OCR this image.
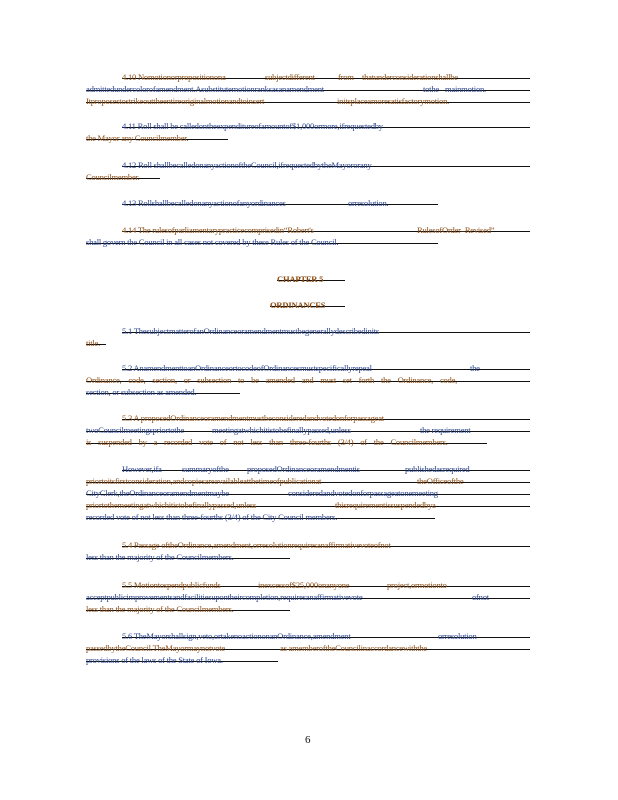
4.10 Nomotionorpropositionona	subjectdifferent	from thatunderconsiderationshallbe
admittedundercolorofamendment.Asubstitutemotionranksasanamendment	tothe mainmotion.
Itproposestostrikeouttheentireoriginalmotionandtoinsert	initsplaceamoresatisfactorymotion.
4.11 Roll shall be calledontheexpenditureofamountof$1,000ormore,ifrequestedby
the Mayor any Councilmember.
4.12 Roll shallbecalledonanyactionoftheCouncil,ifrequestedbytheMayororany
Councilmember.
4.13 Rollshallbecalledonanyactionofanyordinances	orresolution.
4.14 The rulesofparliamentarypracticecomprisedin“Robert's	RulesofOrder–Revised”
shall govern the Council in all cases not covered by these Rules of the Council.
CHAPTER 5
ORDINANCES
5.1 ThesubjectmatterofanOrdinanceoramendmentmustbegenerallydescribedinits
title.
5.2 AnamendmenttoanOrdinanceortocodeofOrdinancesmustspecificallyrepeal	the
Ordinance, code, section, or subsection to be amended and must set forth the Ordinance, code,
section, or subsection as amended.
5.3 A proposedOrdinanceoramendmentmustbeconsideredandvotedonforpassageat
twoCouncilmeetingspriortothe	meetingatwhichitistobefinallypassed,unless	the requirement
is suspended by a recorded vote of not less than three-fourths (3/4) of the Councilmembers.
However,ifa summaryofthe proposedOrdinanceoramendmentis	publishedasrequired
priortoitsfirstconsideration,andcopiesareavailableatthetimeofpublicationat	theOfficeofthe
CityClerk,theOrdinanceoramendmentmaybe	consideredandvotedonforpassageatonemeeting
priortothemeetingatwhichitistobefinallypassed,unless	thisrequirementissuspendedbya
recorded vote of not less than three-fourths (3/4) of the City Council members.
5.4 Passage oftheOrdinance,amendment,orresolutionrequiresanaffirmativevoteofnot
less than the majority of the Councilmembers.
5.5 Motiontospendpublicfunds	inexcessof$25,000onanyone	project,ormotionto
acceptpublicimprovementsandfacilitiesupontheircompletion,requiresanaffirmativevote	ofnot
less than the majority of the Councilmembers.
5.6 TheMayorshallsign,veto,ortakenoactiononanOrdinance,amendment	orresolution
passedbytheCouncil.TheMayormaynotvote	as amemberoftheCouncilinaccordancewiththe
provisions of the laws of the State of Iowa.
6
